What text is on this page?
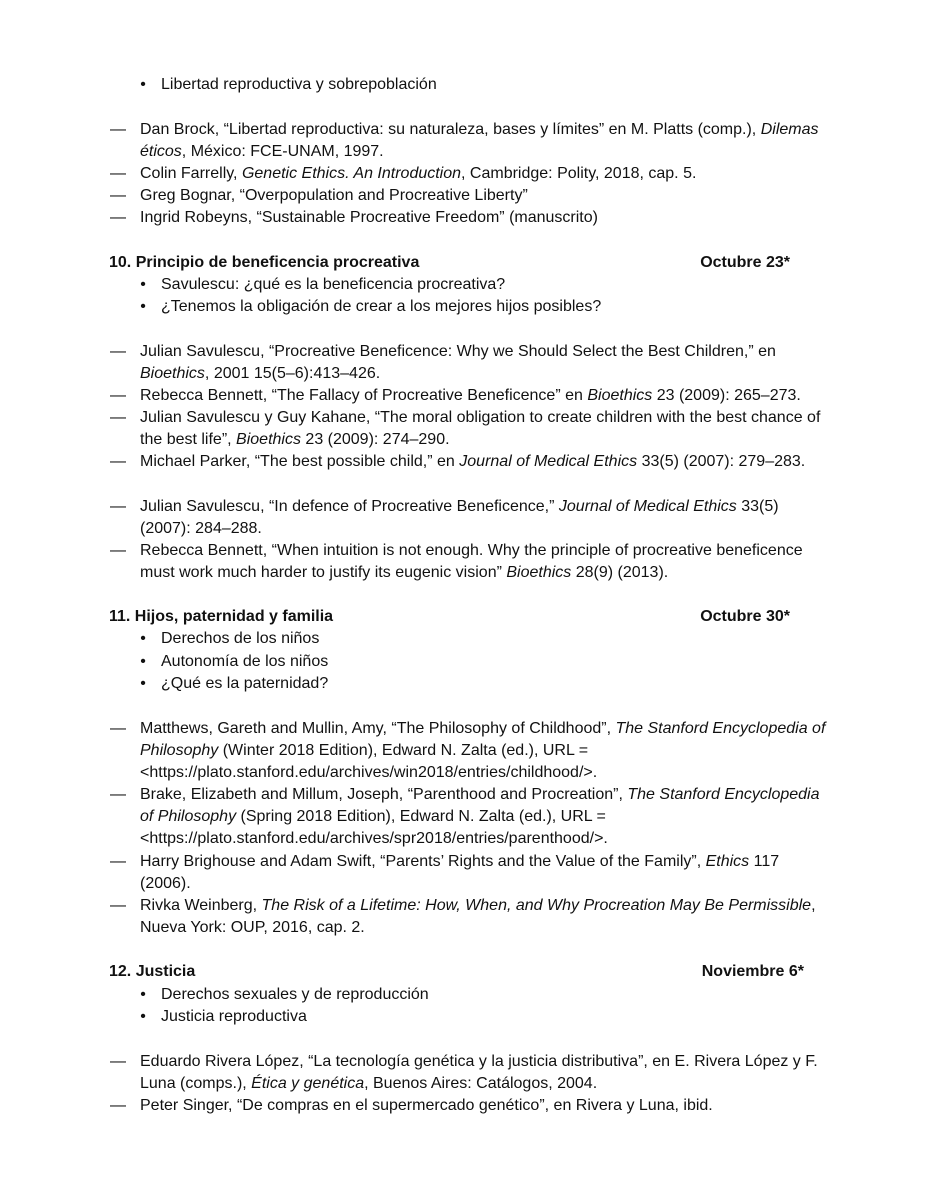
• Libertad reproductiva y sobrepoblación
— Dan Brock, “Libertad reproductiva: su naturaleza, bases y límites” en M. Platts (comp.), Dilemas éticos, México: FCE-UNAM, 1997.
— Colin Farrelly, Genetic Ethics. An Introduction, Cambridge: Polity, 2018, cap. 5.
— Greg Bognar, “Overpopulation and Procreative Liberty”
— Ingrid Robeyns, “Sustainable Procreative Freedom” (manuscrito)
10. Principio de beneficencia procreativa	Octubre 23*
• Savulescu: ¿qué es la beneficencia procreativa?
• ¿Tenemos la obligación de crear a los mejores hijos posibles?
— Julian Savulescu, “Procreative Beneficence: Why we Should Select the Best Children,” en Bioethics, 2001 15(5–6):413–426.
— Rebecca Bennett, “The Fallacy of Procreative Beneficence” en Bioethics 23 (2009): 265–273.
— Julian Savulescu y Guy Kahane, “The moral obligation to create children with the best chance of the best life”, Bioethics 23 (2009): 274–290.
— Michael Parker, “The best possible child,” en Journal of Medical Ethics 33(5) (2007): 279–283.
— Julian Savulescu, “In defence of Procreative Beneficence,” Journal of Medical Ethics 33(5) (2007): 284–288.
— Rebecca Bennett, “When intuition is not enough. Why the principle of procreative beneficence must work much harder to justify its eugenic vision” Bioethics 28(9) (2013).
11. Hijos, paternidad y familia	Octubre 30*
• Derechos de los niños
• Autonomía de los niños
• ¿Qué es la paternidad?
— Matthews, Gareth and Mullin, Amy, “The Philosophy of Childhood”, The Stanford Encyclopedia of Philosophy (Winter 2018 Edition), Edward N. Zalta (ed.), URL = <https://plato.stanford.edu/archives/win2018/entries/childhood/>.
— Brake, Elizabeth and Millum, Joseph, “Parenthood and Procreation”, The Stanford Encyclopedia of Philosophy (Spring 2018 Edition), Edward N. Zalta (ed.), URL = <https://plato.stanford.edu/archives/spr2018/entries/parenthood/>.
— Harry Brighouse and Adam Swift, “Parents’ Rights and the Value of the Family”, Ethics 117 (2006).
— Rivka Weinberg, The Risk of a Lifetime: How, When, and Why Procreation May Be Permissible, Nueva York: OUP, 2016, cap. 2.
12. Justicia	Noviembre 6*
• Derechos sexuales y de reproducción
• Justicia reproductiva
— Eduardo Rivera López, “La tecnología genética y la justicia distributiva”, en E. Rivera López y F. Luna (comps.), Ética y genética, Buenos Aires: Catálogos, 2004.
— Peter Singer, “De compras en el supermercado genético”, en Rivera y Luna, ibid.
